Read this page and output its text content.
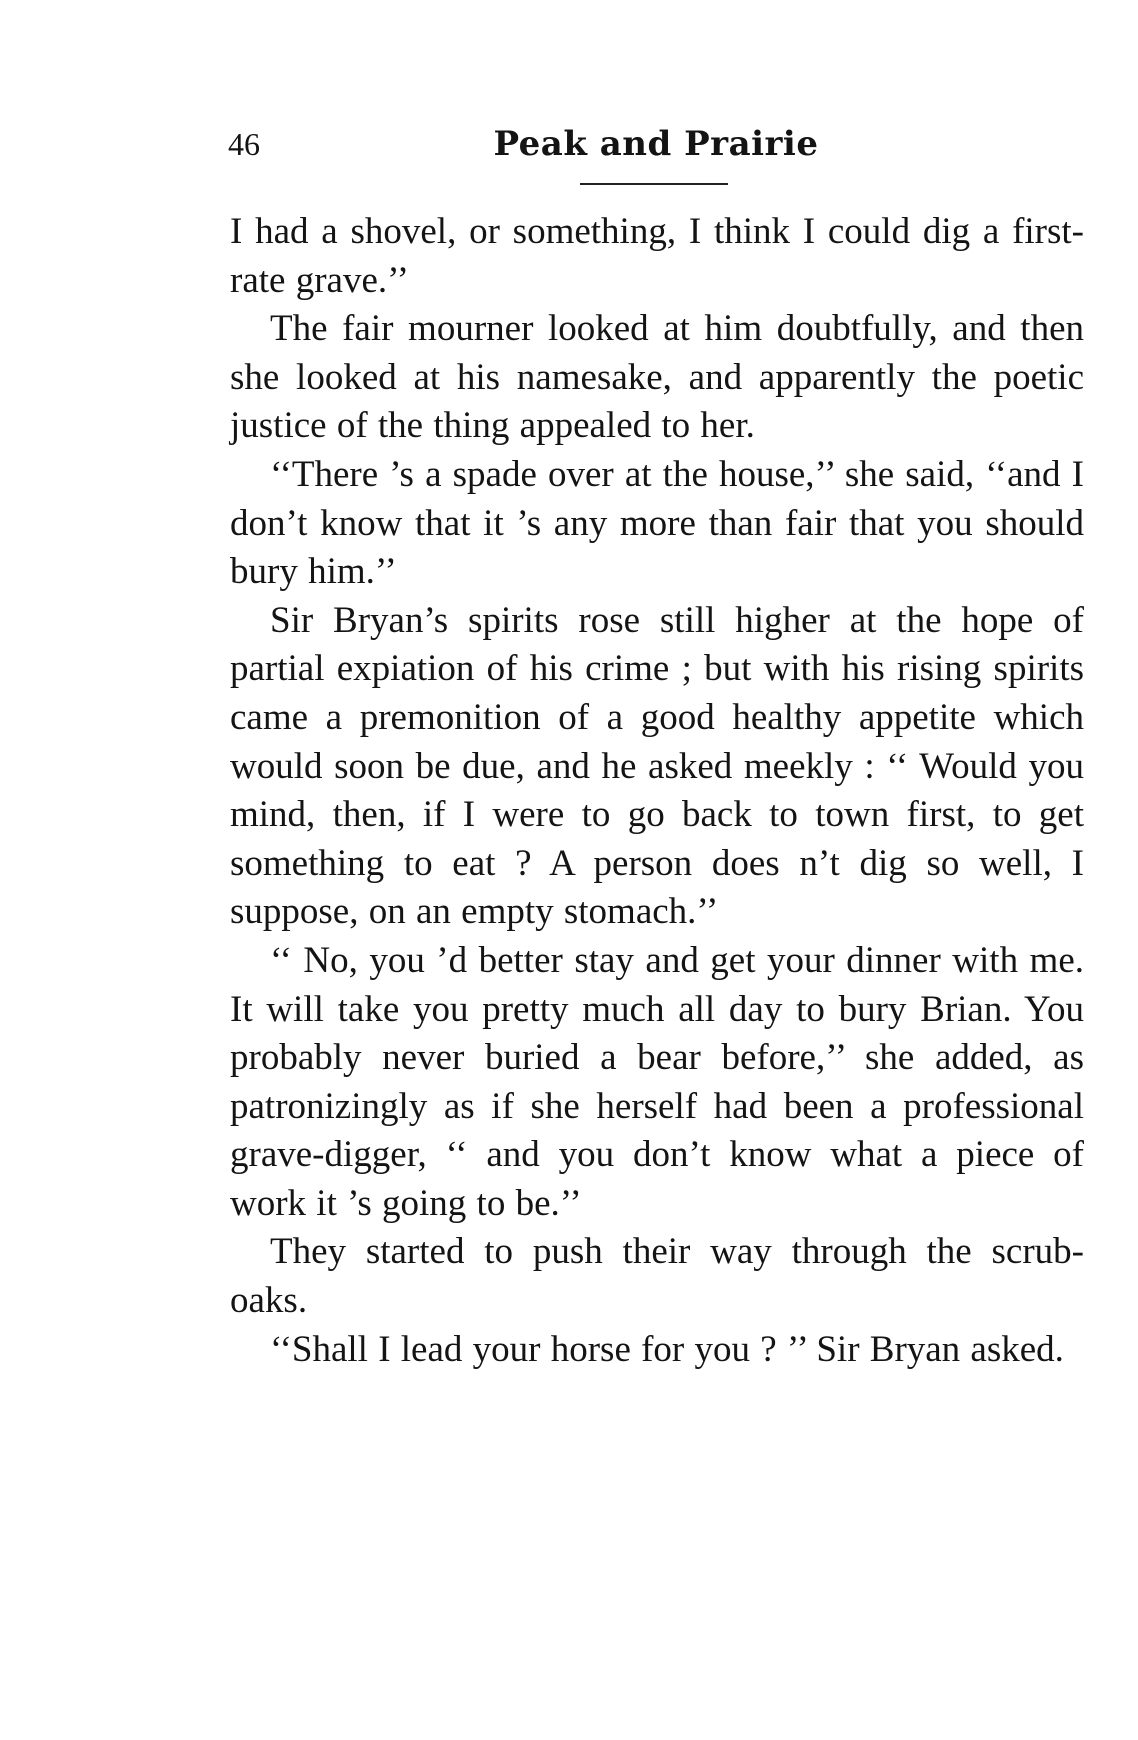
46	Peak and Prairie

I had a shovel, or something, I think I could dig a first-rate grave.’’

The fair mourner looked at him doubtfully, and then she looked at his namesake, and apparently the poetic justice of the thing appealed to her.

‘‘There ’s a spade over at the house,’’ she said, ‘‘and I don’t know that it ’s any more than fair that you should bury him.’’

Sir Bryan’s spirits rose still higher at the hope of partial expiation of his crime ; but with his rising spirits came a premonition of a good healthy appetite which would soon be due, and he asked meekly : ‘‘ Would you mind, then, if I were to go back to town first, to get something to eat ? A person does n’t dig so well, I suppose, on an empty stomach.’’

‘‘ No, you ’d better stay and get your dinner with me. It will take you pretty much all day to bury Brian. You probably never buried a bear before,’’ she added, as patronizingly as if she herself had been a professional grave-digger, ‘‘ and you don’t know what a piece of work it ’s going to be.’’

They started to push their way through the scrub-oaks.

‘‘Shall I lead your horse for you ? ’’ Sir Bryan asked.
